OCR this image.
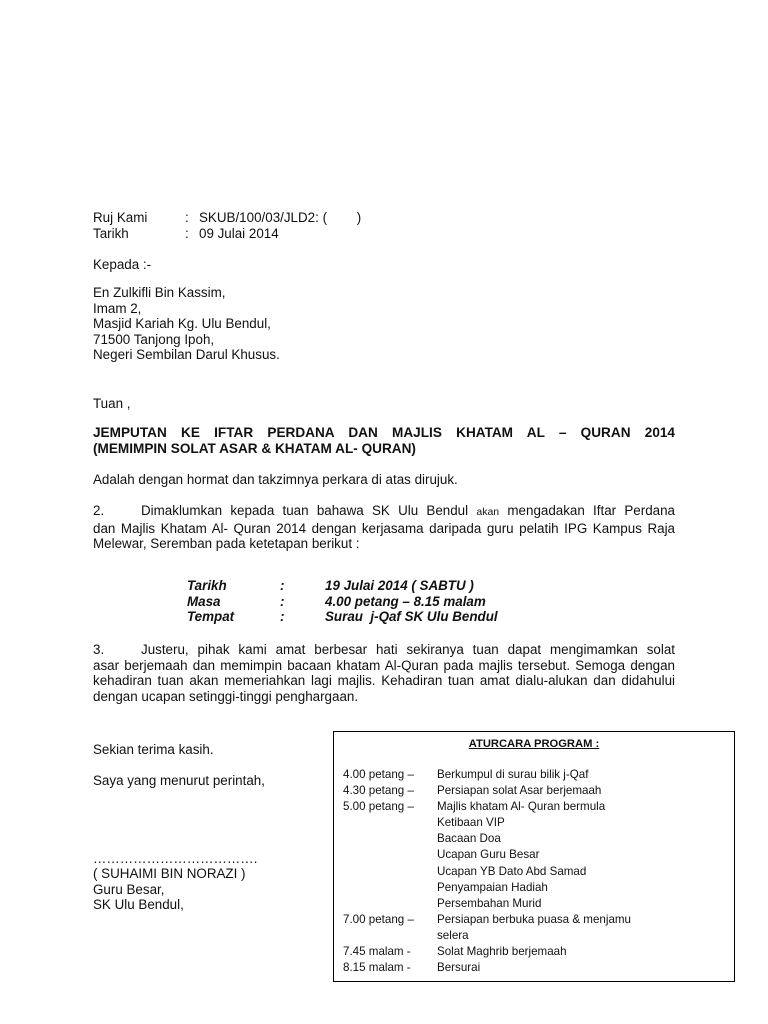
Ruj Kami	: SKUB/100/03/JLD2: (        )
Tarikh	: 09 Julai 2014
Kepada :-
En Zulkifli Bin Kassim,
Imam 2,
Masjid Kariah Kg. Ulu Bendul,
71500 Tanjong Ipoh,
Negeri Sembilan Darul Khusus.
Tuan ,
JEMPUTAN KE IFTAR PERDANA DAN MAJLIS KHATAM AL – QURAN 2014
(MEMIMPIN SOLAT ASAR & KHATAM AL- QURAN)
Adalah dengan hormat dan takzimnya perkara di atas dirujuk.
2.	Dimaklumkan kepada tuan bahawa SK Ulu Bendul akan mengadakan Iftar Perdana
dan Majlis Khatam Al- Quran 2014 dengan kerjasama daripada guru pelatih IPG Kampus Raja Melewar, Seremban pada ketetapan berikut :
Tarikh	:	19 Julai 2014 ( SABTU )
Masa	:	4.00 petang – 8.15 malam
Tempat	:	Surau  j-Qaf SK Ulu Bendul
3.	Justeru, pihak kami amat berbesar hati sekiranya tuan dapat mengimamkan solat
asar berjemaah dan memimpin bacaan khatam Al-Quran pada majlis tersebut. Semoga dengan kehadiran tuan akan memeriahkan lagi majlis. Kehadiran tuan amat dialu-alukan dan didahului dengan ucapan setinggi-tinggi penghargaan.
Sekian terima kasih.
Saya yang menurut perintah,
……………………………….
( SUHAIMI BIN NORAZI )
Guru Besar,
SK Ulu Bendul,
ATURCARA PROGRAM :
4.00 petang – Berkumpul di surau bilik j-Qaf
4.30 petang – Persiapan solat Asar berjemaah
5.00 petang – Majlis khatam Al- Quran bermula
Ketibaan VIP
Bacaan Doa
Ucapan Guru Besar
Ucapan YB Dato Abd Samad
Penyampaian Hadiah
Persembahan Murid
7.00 petang – Persiapan berbuka puasa & menjamu
selera
7.45 malam - Solat Maghrib berjemaah
8.15 malam - Bersurai
